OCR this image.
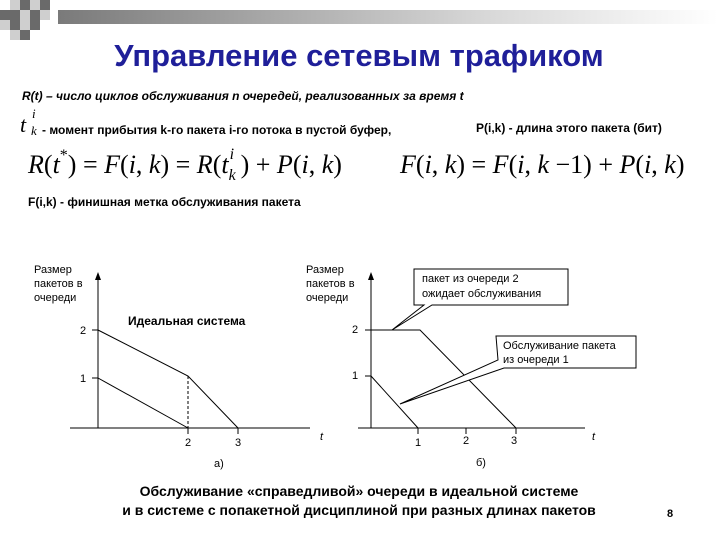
Управление сетевым трафиком
R(t) – число циклов обслуживания n очередей, реализованных за время t
t i
k - момент прибытия k-го пакета i-го потока в пустой буфер,	P(i,k) - длина этого пакета (бит)
R(t*) = F(i, k) = R(t i
k ) + P(i, k) F(i, k) = F(i, k −1) + P(i, k)
F(i,k) - финишная метка обслуживания пакета
Размер
пакетов в
очереди
2
1
2	3	t
Идеальная система
а)
Размер
пакетов в
очереди
2
1
1	2	3	t
б)
пакет из очереди 2
ожидает обслуживания
Обслуживание пакета
из очереди 1
Обслуживание «справедливой» очереди в идеальной системе
и в системе с попакетной дисциплиной при разных длинах пакетов	8
